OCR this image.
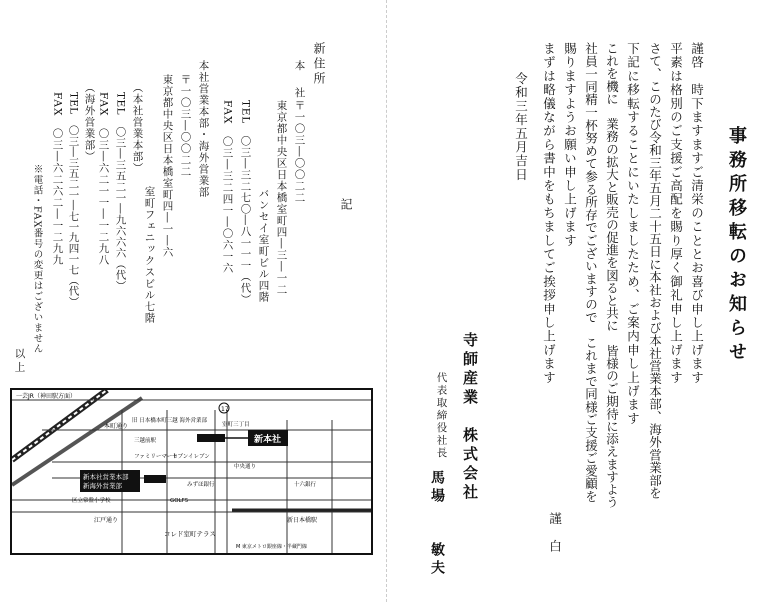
事務所移転のお知らせ
謹啓　時下ますますご清栄のこととお喜び申し上げます
平素は格別のご支援ご高配を賜り厚く御礼申し上げます
さて、このたび令和三年五月二十五日に本社および本社営業本部、海外営業部を
下記に移転することにいたしましたため、ご案内申し上げます
これを機に　業務の拡大と販売の促進を図ると共に　皆様のご期待に添えますよう
社員一同精一杯努めて参る所存でございますので　これまで同様ご支援ご愛顧を
賜りますようお願い申し上げます
まずは略儀ながら書中をもちましてご挨拶申し上げます
謹　白
令和三年五月吉日
寺師産業　株式会社
代表取締役社長
馬場　　敏夫
記
新住所
本　社
〒一〇三―〇〇二二
東京都中央区日本橋室町四―三―一二
バンセイ室町ビル四階
TEL　〇三―三二七〇―八一一一（代）
FAX　〇三―三二四一―〇六一六
本社営業本部・海外営業部
〒一〇三―〇〇二二
東京都中央区日本橋室町四―一―六
室町フェニックスビル七階
（本社営業本部）
TEL　〇三―三五二一―九六六六（代）
FAX　〇三―六二一一―一二九八
（海外営業部）
TEL　〇三―三五二一―七一九四一七（代）
FAX　〇三―六二六二―一二九九
※電話・FAX番号の変更はございません
以上
一芸JR（神田駅方面）
17
本町通り
旧 日本橋本町三越 海外営業部
新本社
新本社営業本部
新海外営業部
ファミリーマート
セブンイレブン
中央通り
みずほ銀行	十六銀行
区立常盤小学校	GOLF5
江戸通り	新日本橋駅
コレド室町テラス
M 東京メトロ銀座線・半蔵門線
三越前駅
室町三丁目
